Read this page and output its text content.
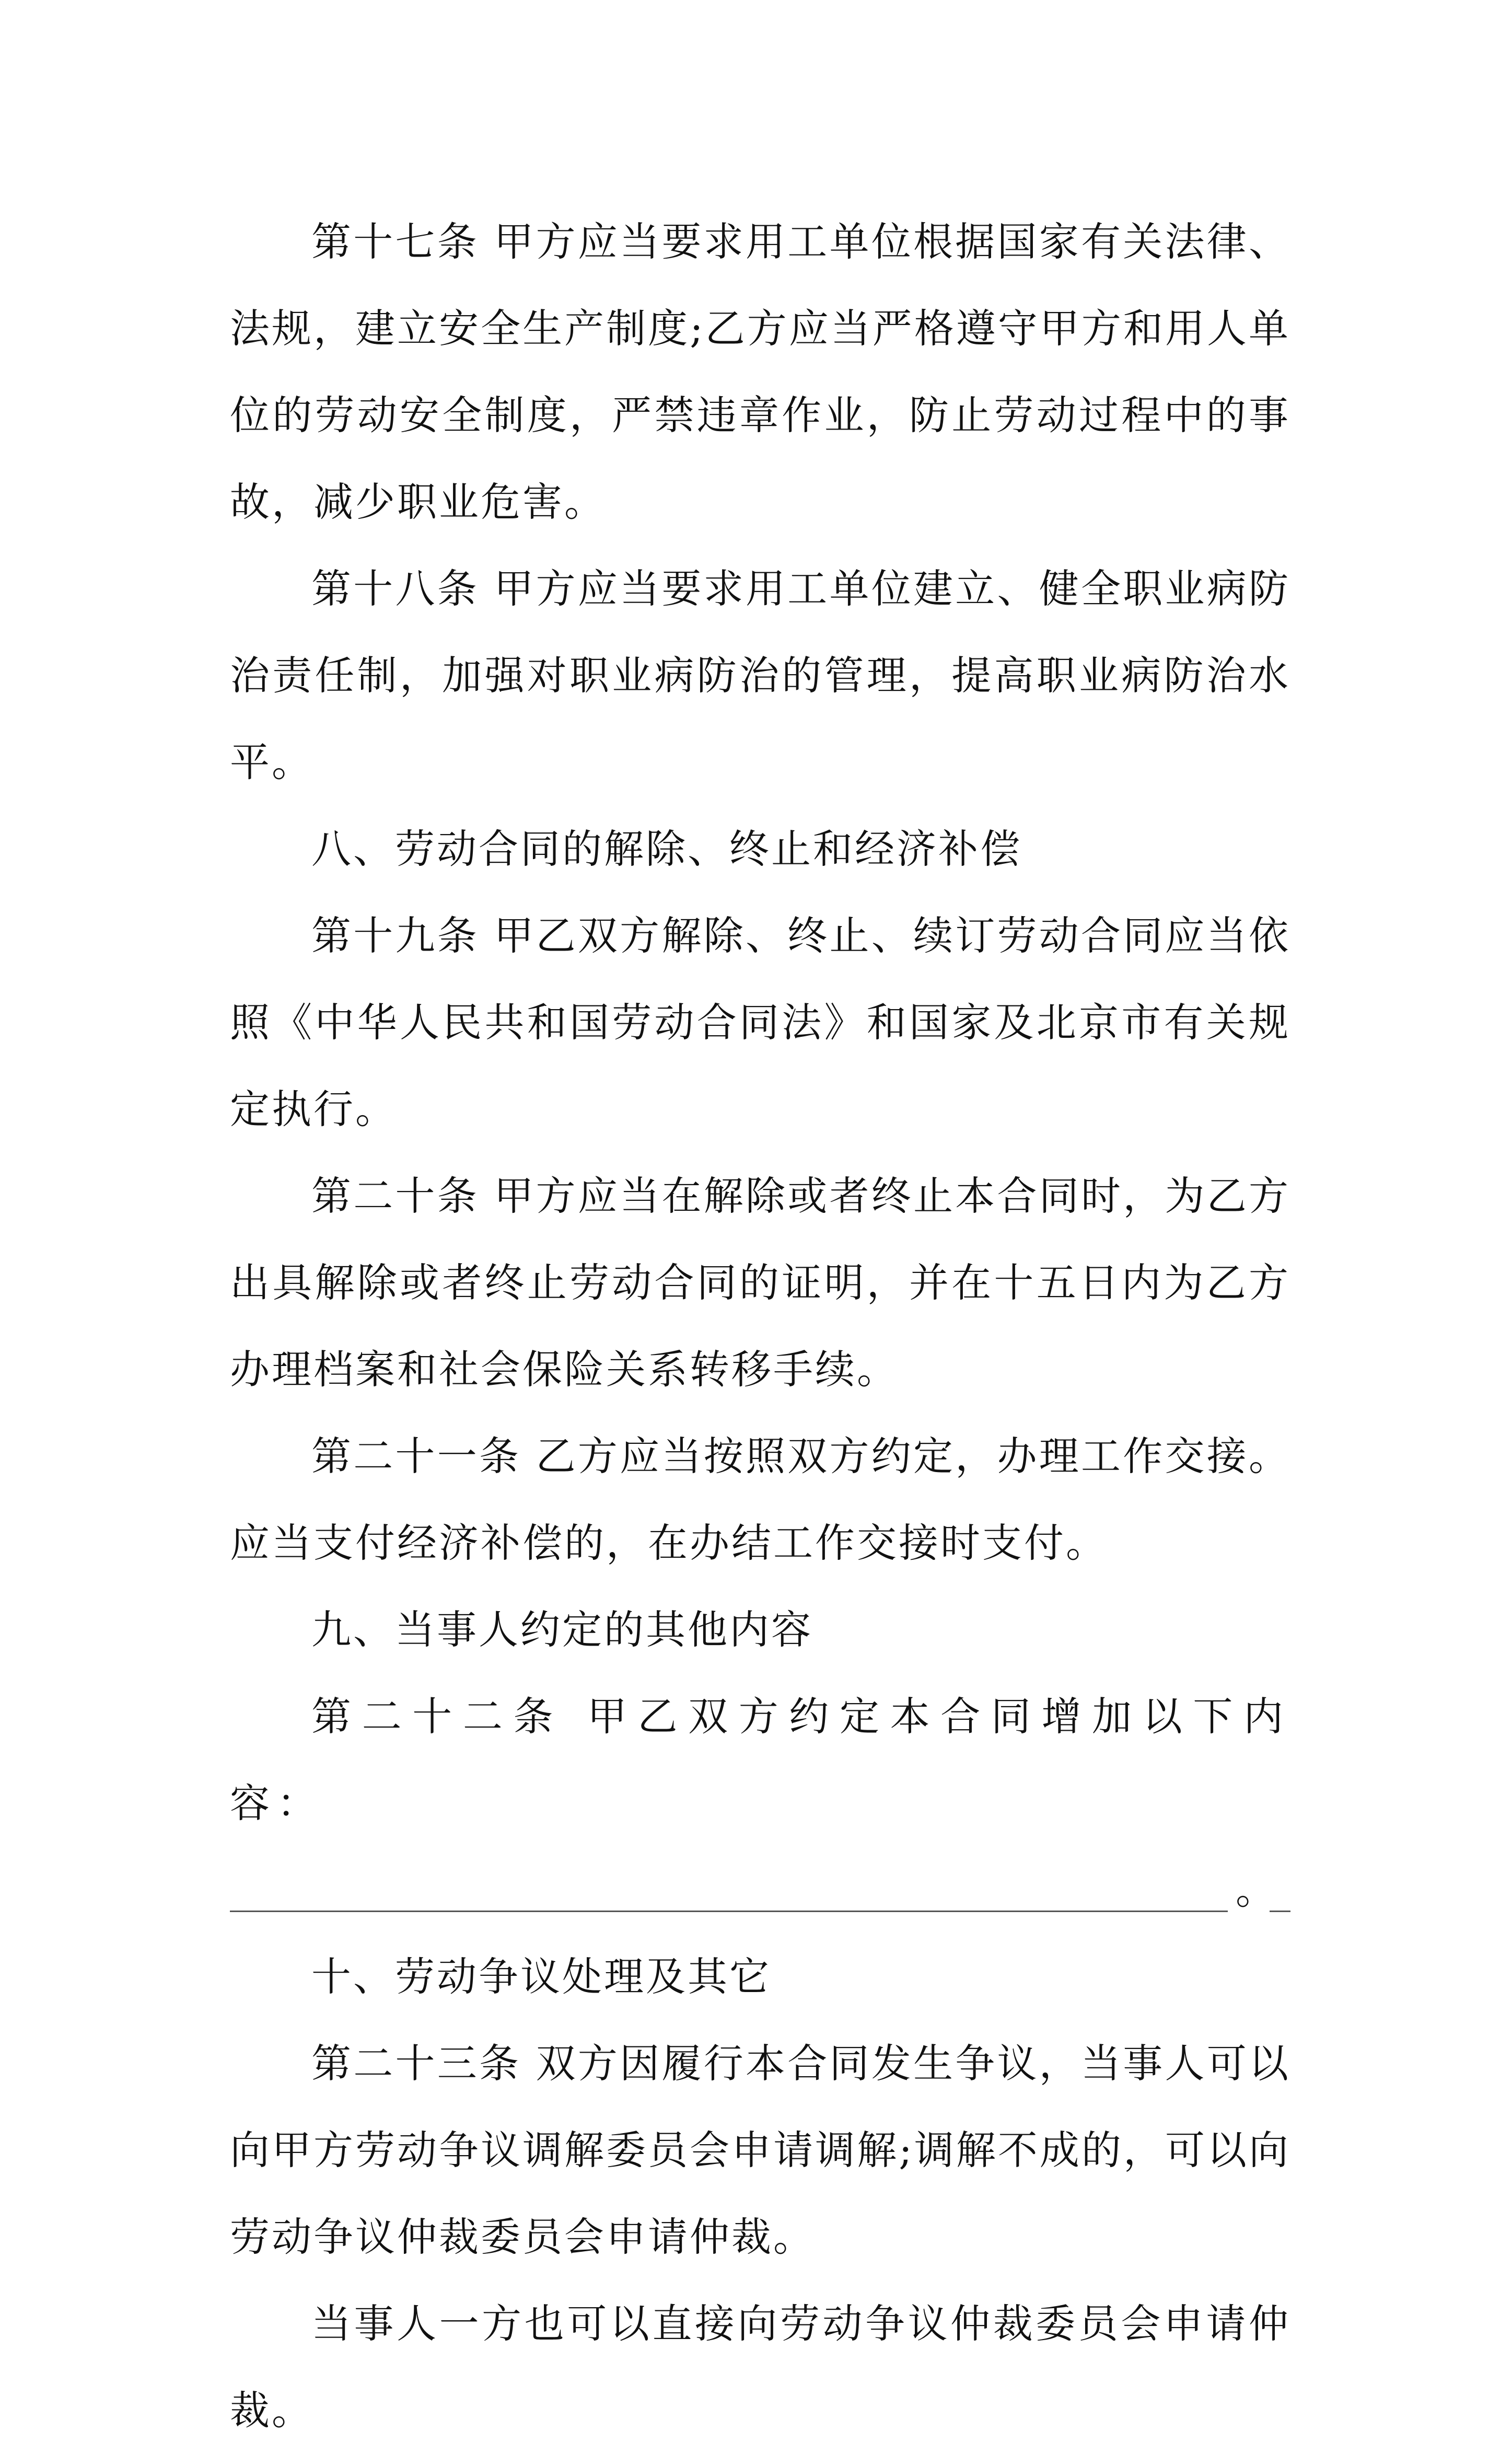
第十七条 甲方应当要求用工单位根据国家有关法律、法规，建立安全生产制度;乙方应当严格遵守甲方和用人单位的劳动安全制度，严禁违章作业，防止劳动过程中的事故，减少职业危害。

第十八条 甲方应当要求用工单位建立、健全职业病防治责任制，加强对职业病防治的管理，提高职业病防治水平。

八、劳动合同的解除、终止和经济补偿

第十九条 甲乙双方解除、终止、续订劳动合同应当依照《中华人民共和国劳动合同法》和国家及北京市有关规定执行。

第二十条 甲方应当在解除或者终止本合同时，为乙方出具解除或者终止劳动合同的证明，并在十五日内为乙方办理档案和社会保险关系转移手续。

第二十一条 乙方应当按照双方约定，办理工作交接。应当支付经济补偿的，在办结工作交接时支付。

九、当事人约定的其他内容

第二十二条 甲乙双方约定本合同增加以下内容：

。

十、劳动争议处理及其它

第二十三条 双方因履行本合同发生争议，当事人可以向甲方劳动争议调解委员会申请调解;调解不成的，可以向劳动争议仲裁委员会申请仲裁。

当事人一方也可以直接向劳动争议仲裁委员会申请仲裁。
